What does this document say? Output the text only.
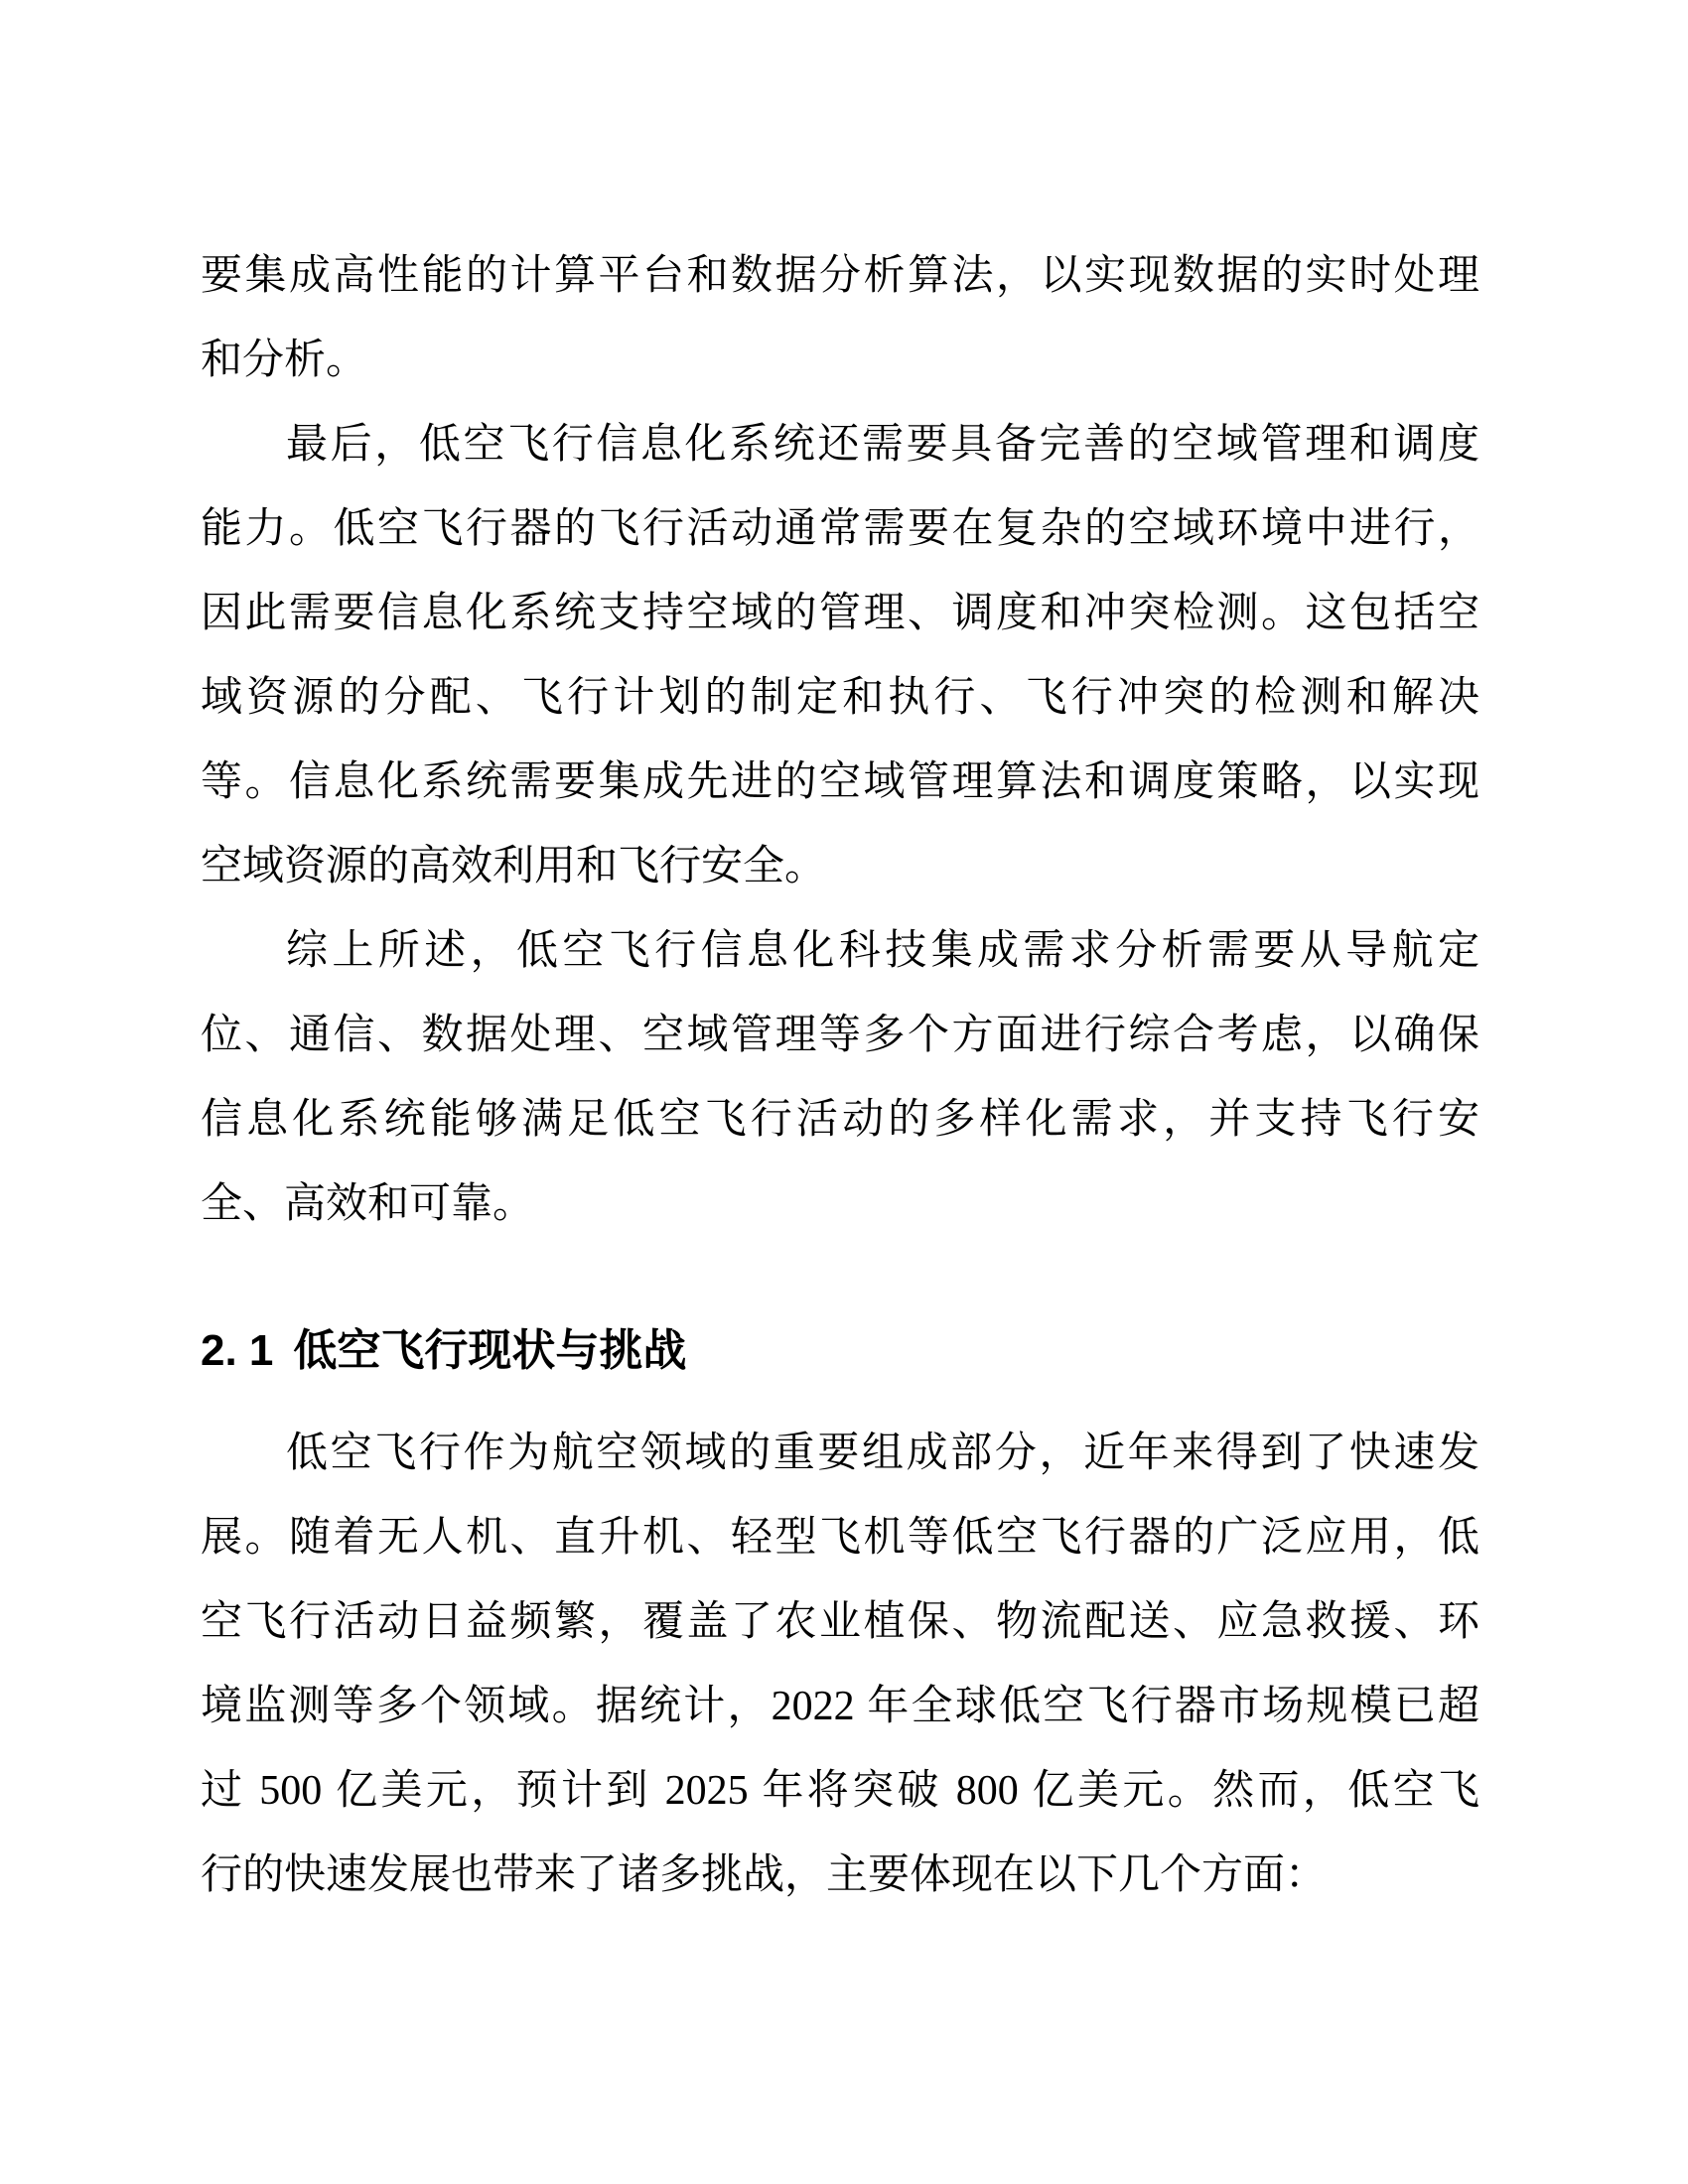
要集成高性能的计算平台和数据分析算法，以实现数据的实时处理
和分析。
最后，低空飞行信息化系统还需要具备完善的空域管理和调度
能力。低空飞行器的飞行活动通常需要在复杂的空域环境中进行，
因此需要信息化系统支持空域的管理、调度和冲突检测。这包括空
域资源的分配、飞行计划的制定和执行、飞行冲突的检测和解决
等。信息化系统需要集成先进的空域管理算法和调度策略，以实现
空域资源的高效利用和飞行安全。
综上所述，低空飞行信息化科技集成需求分析需要从导航定
位、通信、数据处理、空域管理等多个方面进行综合考虑，以确保
信息化系统能够满足低空飞行活动的多样化需求，并支持飞行安
全、高效和可靠。
2. 1 低空飞行现状与挑战
低空飞行作为航空领域的重要组成部分，近年来得到了快速发
展。随着无人机、直升机、轻型飞机等低空飞行器的广泛应用，低
空飞行活动日益频繁，覆盖了农业植保、物流配送、应急救援、环
境监测等多个领域。据统计，2022 年全球低空飞行器市场规模已超
过 500 亿美元，预计到 2025 年将突破 800 亿美元。然而，低空飞
行的快速发展也带来了诸多挑战，主要体现在以下几个方面：
